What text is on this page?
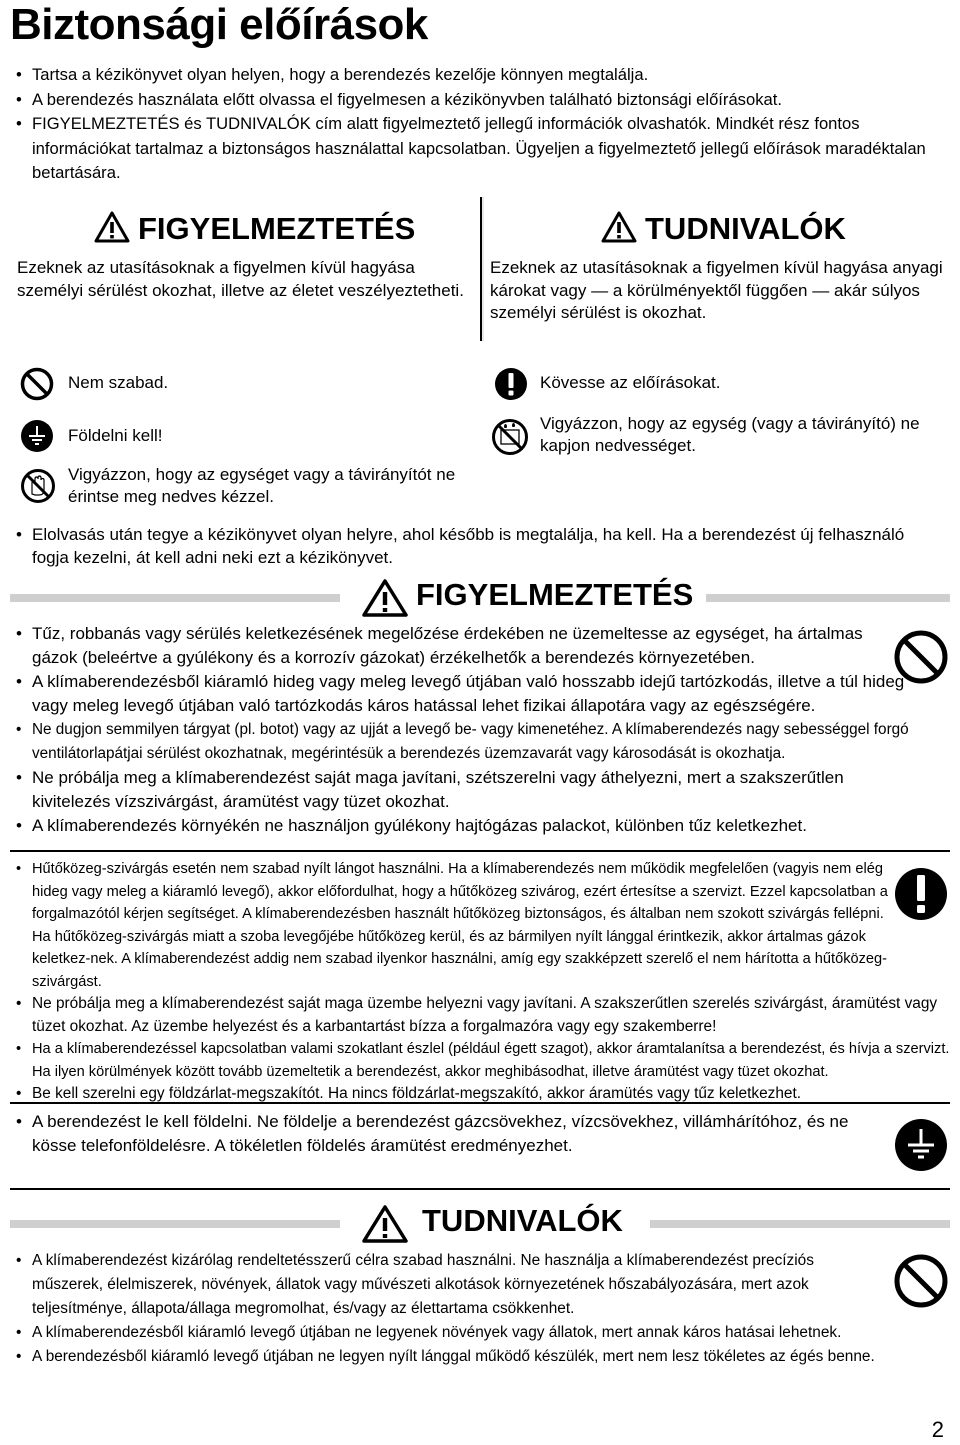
Biztonsági előírások
• Tartsa a kézikönyvet olyan helyen, hogy a berendezés kezelője könnyen megtalálja.
• A berendezés használata előtt olvassa el figyelmesen a kézikönyvben található biztonsági előírásokat.
• FIGYELMEZTETÉS és TUDNIVALÓK cím alatt figyelmeztető jellegű információk olvashatók. Mindkét rész fontos információkat tartalmaz a biztonságos használattal kapcsolatban. Ügyeljen a figyelmeztető jellegű előírások maradéktalan betartására.
FIGYELMEZTETÉS
Ezeknek az utasításoknak a figyelmen kívül hagyása személyi sérülést okozhat, illetve az életet veszélyeztetheti.
TUDNIVALÓK
Ezeknek az utasításoknak a figyelmen kívül hagyása anyagi károkat vagy — a körülményektől függően — akár súlyos személyi sérülést is okozhat.
Nem szabad.
Földelni kell!
Vigyázzon, hogy az egységet vagy a távirányítót ne érintse meg nedves kézzel.
Kövesse az előírásokat.
Vigyázzon, hogy az egység (vagy a távirányító) ne kapjon nedvességet.
• Elolvasás után tegye a kézikönyvet olyan helyre, ahol később is megtalálja, ha kell. Ha a berendezést új felhasználó fogja kezelni, át kell adni neki ezt a kézikönyvet.
FIGYELMEZTETÉS
• • Tűz, robbanás vagy sérülés keletkezésének megelőzése érdekében ne üzemeltesse az egységet, ha ártalmas gázok (beleértve a gyúlékony és a korrozív gázokat) érzékelhetők a berendezés környezetében.
• • A klímaberendezésből kiáramló hideg vagy meleg levegő útjában való hosszabb idejű tartózkodás, illetve a túl hideg vagy meleg levegő útjában való tartózkodás káros hatással lehet fizikai állapotára vagy az egészségére.
• • Ne dugjon semmilyen tárgyat (pl. botot) vagy az ujját a levegő be- vagy kimenetéhez. A klímaberendezés nagy sebességgel forgó ventilátorlapátjai sérülést okozhatnak, megérintésük a berendezés üzemzavarát vagy károsodását is okozhatja.
• • Ne próbálja meg a klímaberendezést saját maga javítani, szétszerelni vagy áthelyezni, mert a szakszerűtlen kivitelezés vízszivárgást, áramütést vagy tüzet okozhat.
• • A klímaberendezés környékén ne használjon gyúlékony hajtógázas palackot, különben tűz keletkezhet.
• • Hűtőközeg-szivárgás esetén nem szabad nyílt lángot használni. Ha a klímaberendezés nem működik megfelelően (vagyis nem elég hideg vagy meleg a kiáramló levegő), akkor előfordulhat, hogy a hűtőközeg szivárog, ezért értesítse a szervizt. Ezzel kapcsolatban a forgalmazótól kérjen segítséget. A klímaberendezésben használt hűtőközeg biztonságos, és általban nem szokott szivárgás fellépni. Ha hűtőközeg-szivárgás miatt a szoba levegőjébe hűtőközeg kerül, és az bármilyen nyílt lánggal érintkezik, akkor ártalmas gázok keletkez-nek. A klímaberendezést addig nem szabad ilyenkor használni, amíg egy szakképzett szerelő el nem hárította a hűtőközeg-szivárgást.
• • Ne próbálja meg a klímaberendezést saját maga üzembe helyezni vagy javítani. A szakszerűtlen szerelés szivárgást, áramütést vagy tüzet okozhat. Az üzembe helyezést és a karbantartást bízza a forgalmazóra vagy egy szakemberre!
• • Ha a klímaberendezéssel kapcsolatban valami szokatlant észlel (például égett szagot), akkor áramtalanítsa a berendezést, és hívja a szervizt. Ha ilyen körülmények között tovább üzemeltetik a berendezést, akkor meghibásodhat, illetve áramütést vagy tüzet okozhat.
• • Be kell szerelni egy földzárlat-megszakítót. Ha nincs földzárlat-megszakító, akkor áramütés vagy tűz keletkezhet.
• • A berendezést le kell földelni. Ne földelje a berendezést gázcsövekhez, vízcsövekhez, villámhárítóhoz, és ne kösse telefonföldelésre. A tökéletlen földelés áramütést eredményezhet.
TUDNIVALÓK
• • A klímaberendezést kizárólag rendeltetésszerű célra szabad használni. Ne használja a klímaberendezést precíziós műszerek, élelmiszerek, növények, állatok vagy művészeti alkotások környezetének hőszabályozására, mert azok teljesítménye, állapota/állaga megromolhat, és/vagy az élettartama csökkenhet.
• • A klímaberendezésből kiáramló levegő útjában ne legyenek növények vagy állatok, mert annak káros hatásai lehetnek.
• • A berendezésből kiáramló levegő útjában ne legyen nyílt lánggal működő készülék, mert nem lesz tökéletes az égés benne.
2
